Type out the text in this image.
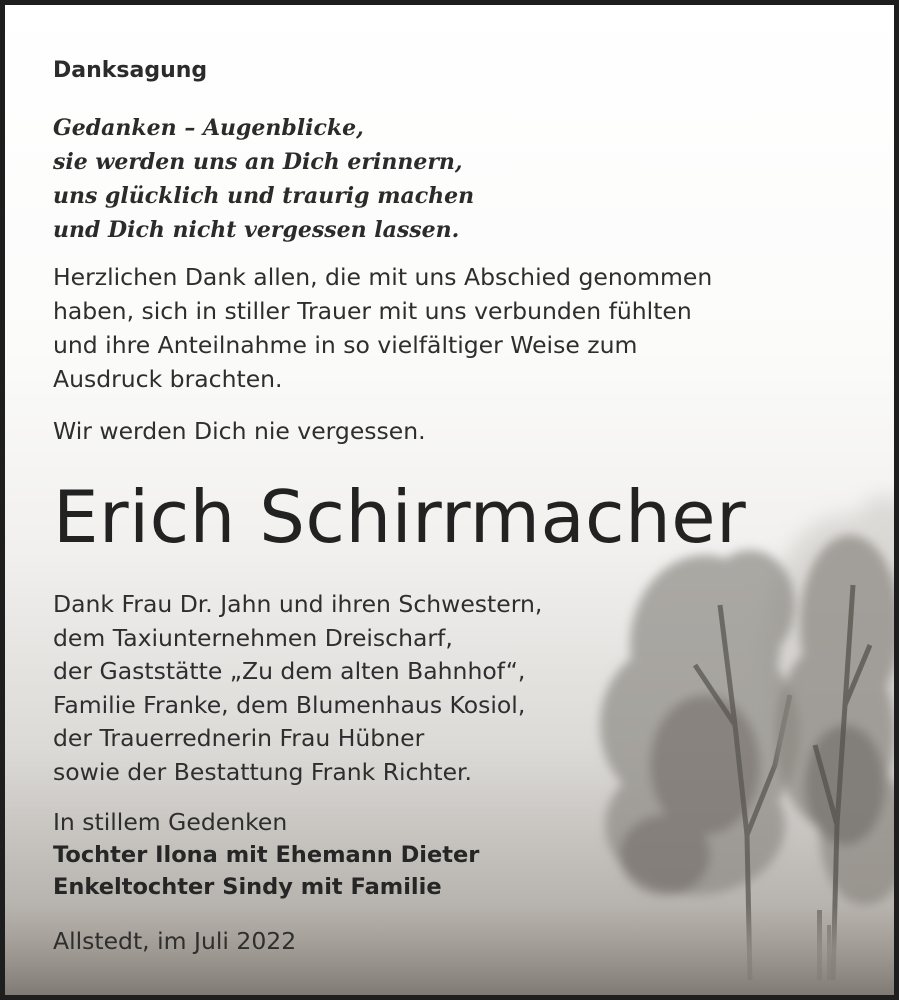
Danksagung
Gedanken – Augenblicke,
sie werden uns an Dich erinnern,
uns glücklich und traurig machen
und Dich nicht vergessen lassen.
Herzlichen Dank allen, die mit uns Abschied genommen
haben, sich in stiller Trauer mit uns verbunden fühlten
und ihre Anteilnahme in so vielfältiger Weise zum
Ausdruck brachten.
Wir werden Dich nie vergessen.
Erich Schirrmacher
Dank Frau Dr. Jahn und ihren Schwestern,
dem Taxiunternehmen Dreischarf,
der Gaststätte „Zu dem alten Bahnhof“,
Familie Franke, dem Blumenhaus Kosiol,
der Trauerrednerin Frau Hübner
sowie der Bestattung Frank Richter.
In stillem Gedenken
Tochter Ilona mit Ehemann Dieter
Enkeltochter Sindy mit Familie
Allstedt, im Juli 2022
